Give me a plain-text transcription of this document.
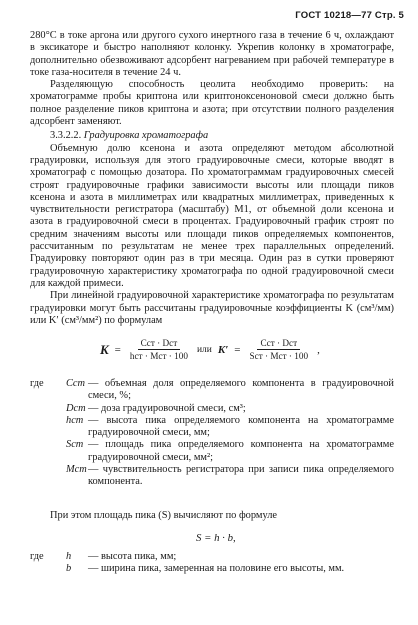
ГОСТ 10218—77 Стр. 5

280°С в токе аргона или другого сухого инертного газа в течение 6 ч, охлаждают в эксикаторе и быстро наполняют колонку. Укрепив колонку в хроматографе, дополнительно обезвоживают адсорбент нагреванием при рабочей температуре в токе газа-носителя в течение 24 ч.

Разделяющую способность цеолита необходимо проверить: на хроматограмме пробы криптона или криптоноксеноновой смеси должно быть полное разделение пиков криптона и азота; при отсутствии полного разделения адсорбент заменяют.

3.3.2.2. Градуировка хроматографа

Объемную долю ксенона и азота определяют методом абсолютной градуировки, используя для этого градуировочные смеси, которые вводят в хроматограф с помощью дозатора. По хроматограммам градуировочных смесей строят градуировочные графики зависимости высоты или площади пиков ксенона и азота в миллиметрах или квадратных миллиметрах, приведенных к чувствительности регистратора (масштабу) М1, от объемной доли ксенона и азота в градуировочной смеси в процентах. Градуировочный график строят по средним значениям высоты или площади пиков определяемых компонентов, рассчитанным по результатам не менее трех параллельных определений. Градуировку повторяют один раз в три месяца. Один раз в сутки проверяют градуировочную характеристику хроматографа по одной градуировочной смеси для каждой примеси.

При линейной градуировочной характеристике хроматографа по результатам градуировки могут быть рассчитаны градуировочные коэффициенты K (см³/мм) или K′ (см³/мм²) по формулам

$K = \frac{\text{Cст · Dст}}{\text{hст · Mст · 100}}$ или $K' = \frac{\text{Cст · Dст}}{\text{Sст · Mст · 100}}$ ,
где	Cст — объемная доля определяемого компонента в градуировочной смеси, %;
Dст — доза градуировочной смеси, см³;
hст — высота пика определяемого компонента на хроматограмме градуировочной смеси, мм;
Sст — площадь пика определяемого компонента на хроматограмме градуировочной смеси, мм²;
Mст — чувствительность регистратора при записи пика определяемого компонента.
При этом площадь пика (S) вычисляют по формуле
S = h · b,
где	h	— высота пика, мм;
b	— ширина пика, замеренная на половине его высоты, мм.
